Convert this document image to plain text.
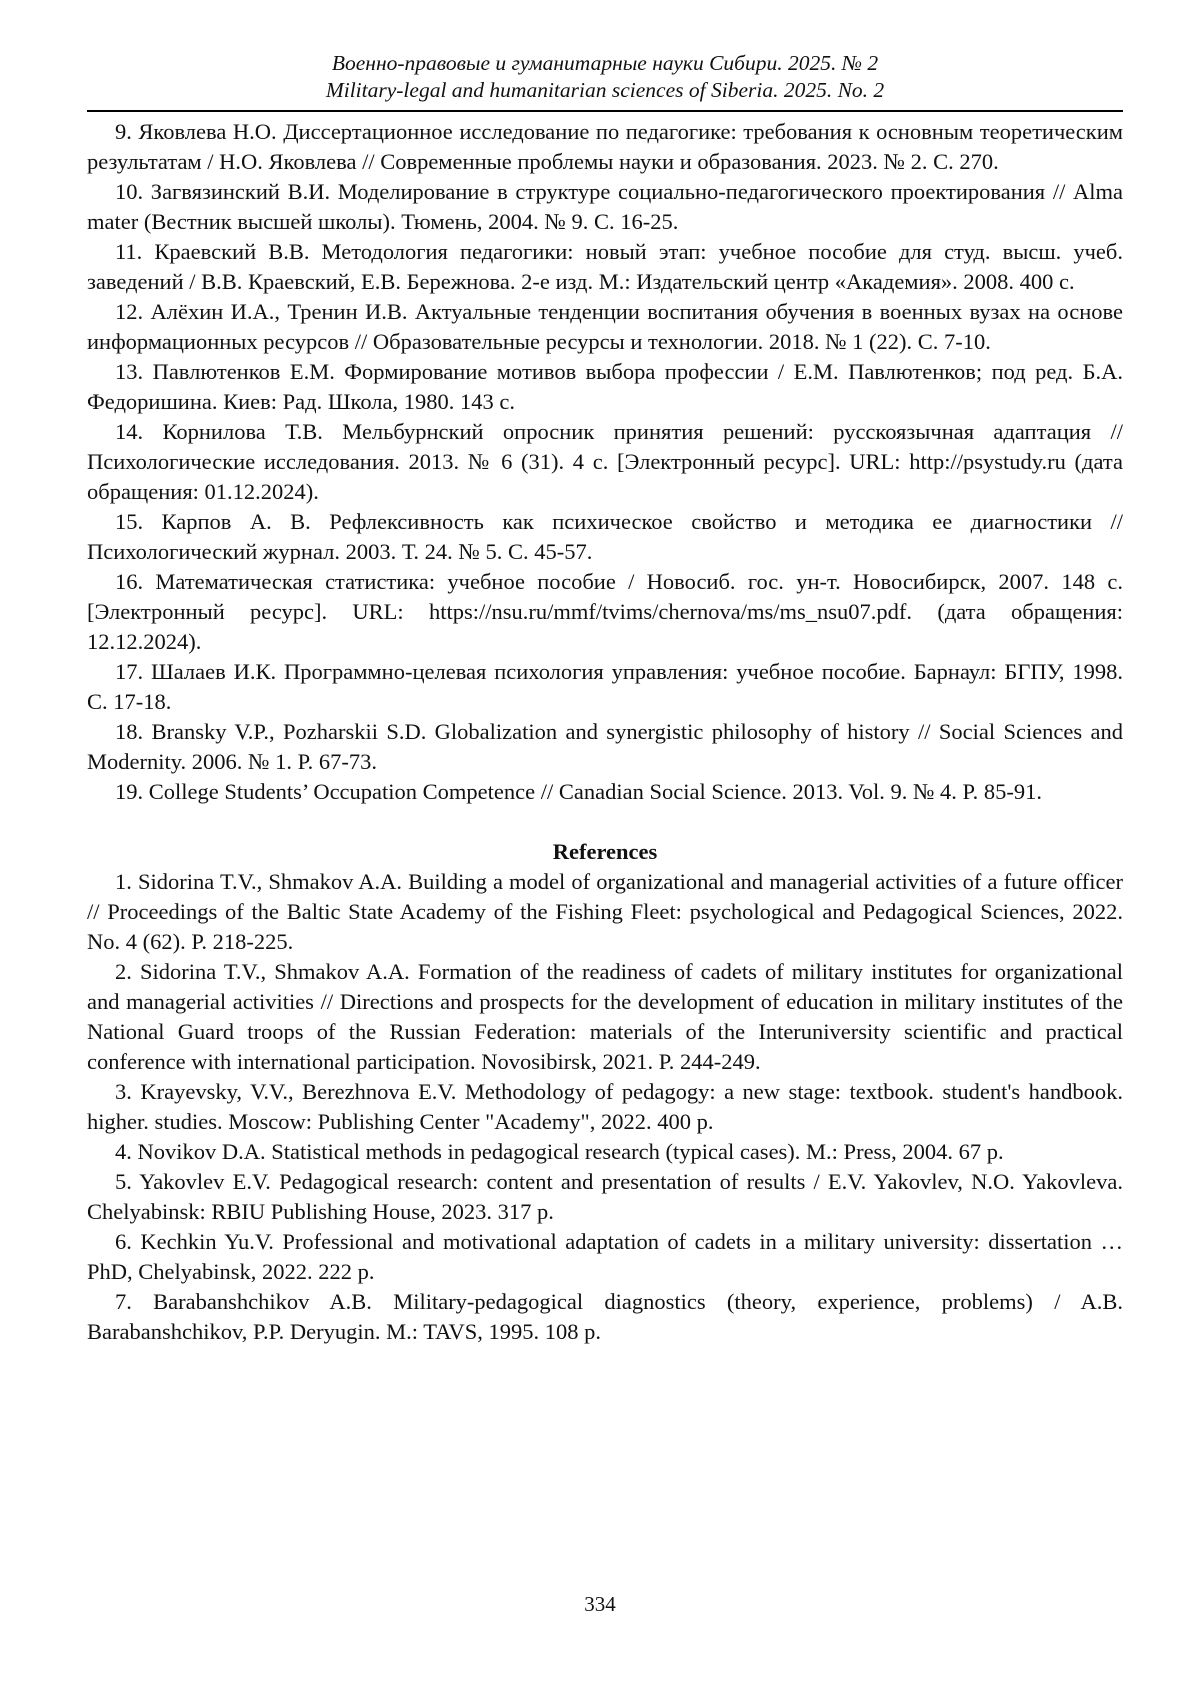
Военно-правовые и гуманитарные науки Сибири. 2025. № 2
Military-legal and humanitarian sciences of Siberia. 2025. No. 2

9. Яковлева Н.О. Диссертационное исследование по педагогике: требования к основным теоретическим результатам / Н.О. Яковлева // Современные проблемы науки и образования. 2023. № 2. С. 270.

10. Загвязинский В.И. Моделирование в структуре социально-педагогического проектирования // Alma mater (Вестник высшей школы). Тюмень, 2004. № 9. С. 16-25.

11. Краевский В.В. Методология педагогики: новый этап: учебное пособие для студ. высш. учеб. заведений / В.В. Краевский, Е.В. Бережнова. 2-е изд. М.: Издательский центр «Академия». 2008. 400 с.

12. Алёхин И.А., Тренин И.В. Актуальные тенденции воспитания обучения в военных вузах на основе информационных ресурсов // Образовательные ресурсы и технологии. 2018. № 1 (22). С. 7-10.

13. Павлютенков Е.М. Формирование мотивов выбора профессии / Е.М. Павлютенков; под ред. Б.А. Федоришина. Киев: Рад. Школа, 1980. 143 с.

14. Корнилова Т.В. Мельбурнский опросник принятия решений: русскоязычная адаптация // Психологические исследования. 2013. № 6 (31). 4 с. [Электронный ресурс]. URL: http://psystudy.ru (дата обращения: 01.12.2024).

15. Карпов А. В. Рефлексивность как психическое свойство и методика ее диагностики // Психологический журнал. 2003. Т. 24. № 5. С. 45-57.

16. Математическая статистика: учебное пособие / Новосиб. гос. ун-т. Новосибирск, 2007. 148 с. [Электронный ресурс]. URL: https://nsu.ru/mmf/tvims/chernova/ms/ms_nsu07.pdf. (дата обращения: 12.12.2024).

17. Шалаев И.К. Программно-целевая психология управления: учебное пособие. Барнаул: БГПУ, 1998. С. 17-18.

18. Bransky V.P., Pozharskii S.D. Globalization and synergistic philosophy of history // Social Sciences and Modernity. 2006. № 1. P. 67-73.

19. College Students’ Occupation Competence // Canadian Social Science. 2013. Vol. 9. № 4. P. 85-91.

References

1. Sidorina T.V., Shmakov A.A. Building a model of organizational and managerial activities of a future officer // Proceedings of the Baltic State Academy of the Fishing Fleet: psychological and Pedagogical Sciences, 2022. No. 4 (62). P. 218-225.

2. Sidorina T.V., Shmakov A.A. Formation of the readiness of cadets of military institutes for organizational and managerial activities // Directions and prospects for the development of education in military institutes of the National Guard troops of the Russian Federation: materials of the Interuniversity scientific and practical conference with international participation. Novosibirsk, 2021. P. 244-249.

3. Krayevsky, V.V., Berezhnova E.V. Methodology of pedagogy: a new stage: textbook. student's handbook. higher. studies. Moscow: Publishing Center "Academy", 2022. 400 p.

4. Novikov D.A. Statistical methods in pedagogical research (typical cases). M.: Press, 2004. 67 p.

5. Yakovlev E.V. Pedagogical research: content and presentation of results / E.V. Yakovlev, N.O. Yakovleva. Chelyabinsk: RBIU Publishing House, 2023. 317 p.

6. Kechkin Yu.V. Professional and motivational adaptation of cadets in a military university: dissertation … PhD, Chelyabinsk, 2022. 222 p.

7. Barabanshchikov A.B. Military-pedagogical diagnostics (theory, experience, problems) / A.B. Barabanshchikov, P.P. Deryugin. M.: TAVS, 1995. 108 p.

334
